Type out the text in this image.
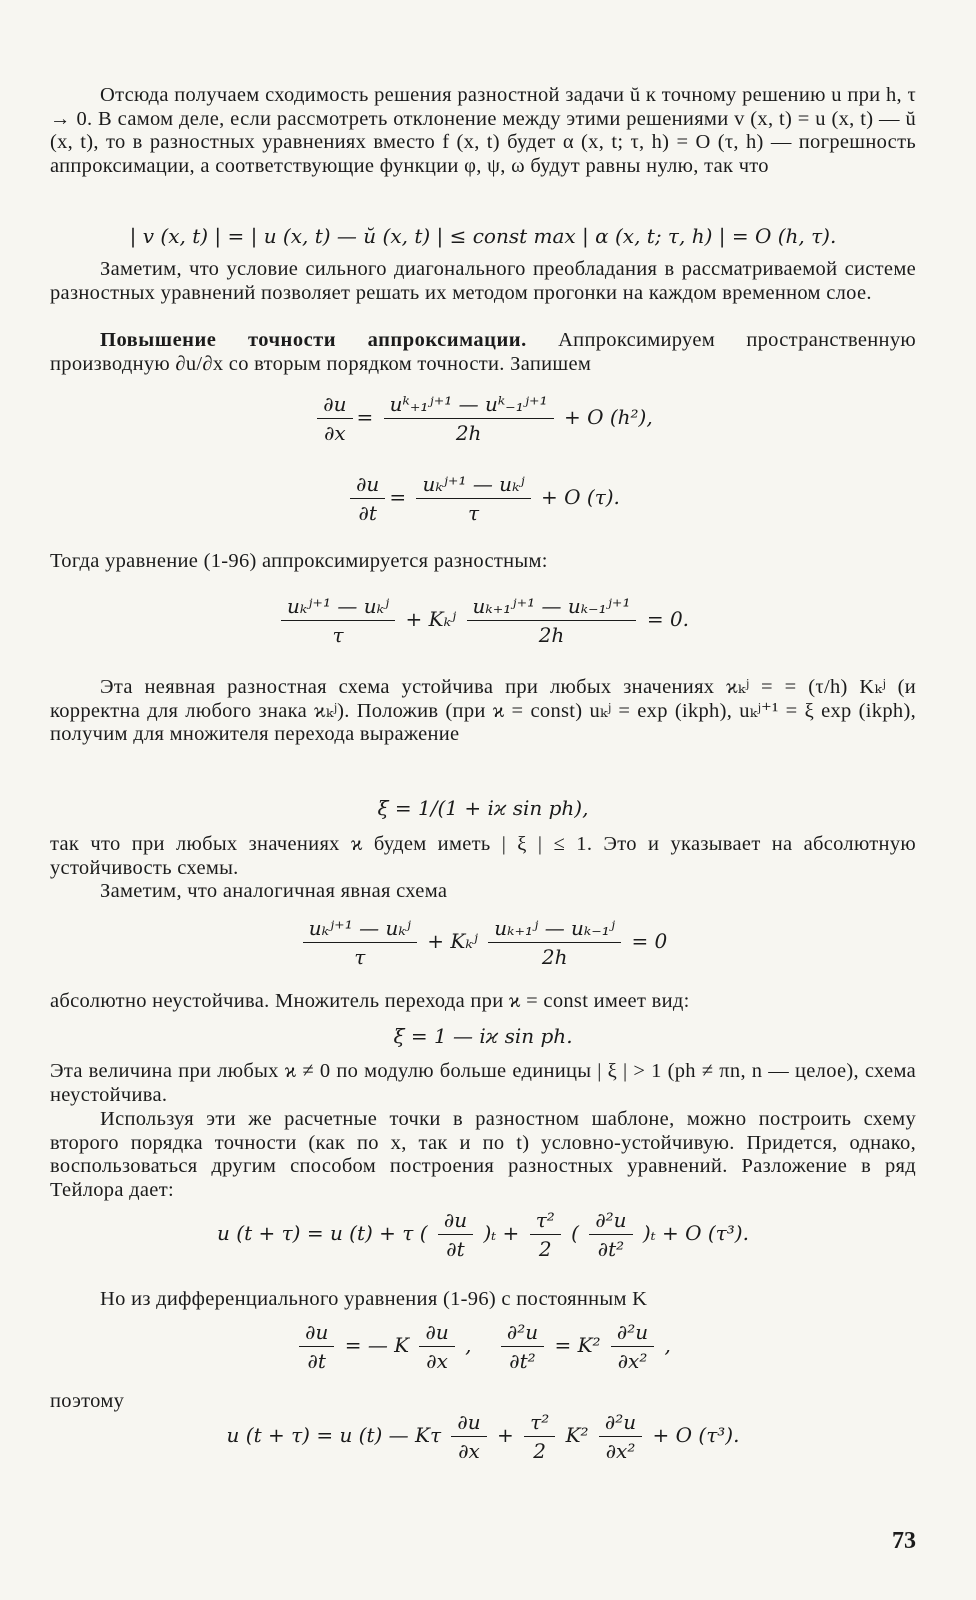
Отсюда получаем сходимость решения разностной задачи ŭ к точному решению u при h, τ → 0. В самом деле, если рассмотреть отклонение между этими решениями v (x, t) = u (x, t) — ŭ (x, t), то в разностных уравнениях вместо f (x, t) будет α (x, t; τ, h) = O (τ, h) — погрешность аппроксимации, а соответствующие функции φ, ψ, ω будут равны нулю, так что
| v (x, t) | = | u (x, t) — ŭ (x, t) | ≤ const max | α (x, t; τ, h) | = O (h, τ).
Заметим, что условие сильного диагонального преобладания в рассматриваемой системе разностных уравнений позволяет решать их методом прогонки на каждом временном слое.
Повышение точности аппроксимации. Аппроксимируем пространственную производную ∂u/∂x со вторым порядком точности. Запишем
$\frac{\partial u}{\partial x} = \frac{\text{uᵏ₊₁ʲ⁺¹ — uᵏ₋₁ʲ⁺¹}}{2h} + O$ (h²),
$\frac{\partial u}{\partial t} = \frac{\text{uₖʲ⁺¹ — uₖʲ}}{\tau} + O$ (τ).
Тогда уравнение (1-96) аппроксимируется разностным:
$\frac{\text{uₖʲ⁺¹ — uₖʲ}}{\tau}$ + Kₖʲ $\frac{\text{uₖ₊₁ʲ⁺¹ — uₖ₋₁ʲ⁺¹}}{2h} = 0$.
Эта неявная разностная схема устойчива при любых значениях ϰₖʲ = = (τ/h) Kₖʲ (и корректна для любого знака ϰₖʲ). Положив (при ϰ = const) uₖʲ = exp (ikph), uₖʲ⁺¹ = ξ exp (ikph), получим для множителя перехода выражение
ξ = 1/(1 + iϰ sin ph),
так что при любых значениях ϰ будем иметь | ξ | ≤ 1. Это и указывает на абсолютную устойчивость схемы.
Заметим, что аналогичная явная схема
$\frac{\text{uₖʲ⁺¹ — uₖʲ}}{\tau}$ + Kₖʲ $\frac{\text{uₖ₊₁ʲ — uₖ₋₁ʲ}}{2h} = 0$
абсолютно неустойчива. Множитель перехода при ϰ = const имеет вид:
ξ = 1 — iϰ sin ph.
Эта величина при любых ϰ ≠ 0 по модулю больше единицы | ξ | > 1 (ph ≠ πn, n — целое), схема неустойчива.
Используя эти же расчетные точки в разностном шаблоне, можно построить схему второго порядка точности (как по x, так и по t) условно-устойчивую. Придется, однако, воспользоваться другим способом построения разностных уравнений. Разложение в ряд Тейлора дает:
u (t + τ) = u (t) + τ ( $\frac{\partial u}{\partial t} )_t + \frac{\text{τ²}}{2}$ ( $\frac{\text{∂²u}}{\text{∂t²}} )_t + O$ (τ³).
Но из дифференциального уравнения (1-96) с постоянным K
$\frac{\partial u}{\partial t}$ = — K $\frac{\partial u}{\partial x}$ , $\frac{\text{∂²u}}{\text{∂t²}} = K^2 \frac{\text{∂²u}}{\text{∂x²}}$ ,
поэтому
u (t + τ) = u (t) — Kτ $\frac{\partial u}{\partial x} + \frac{\text{τ²}}{2} K^2 \frac{\text{∂²u}}{\text{∂x²}} + O$ (τ³).
73
